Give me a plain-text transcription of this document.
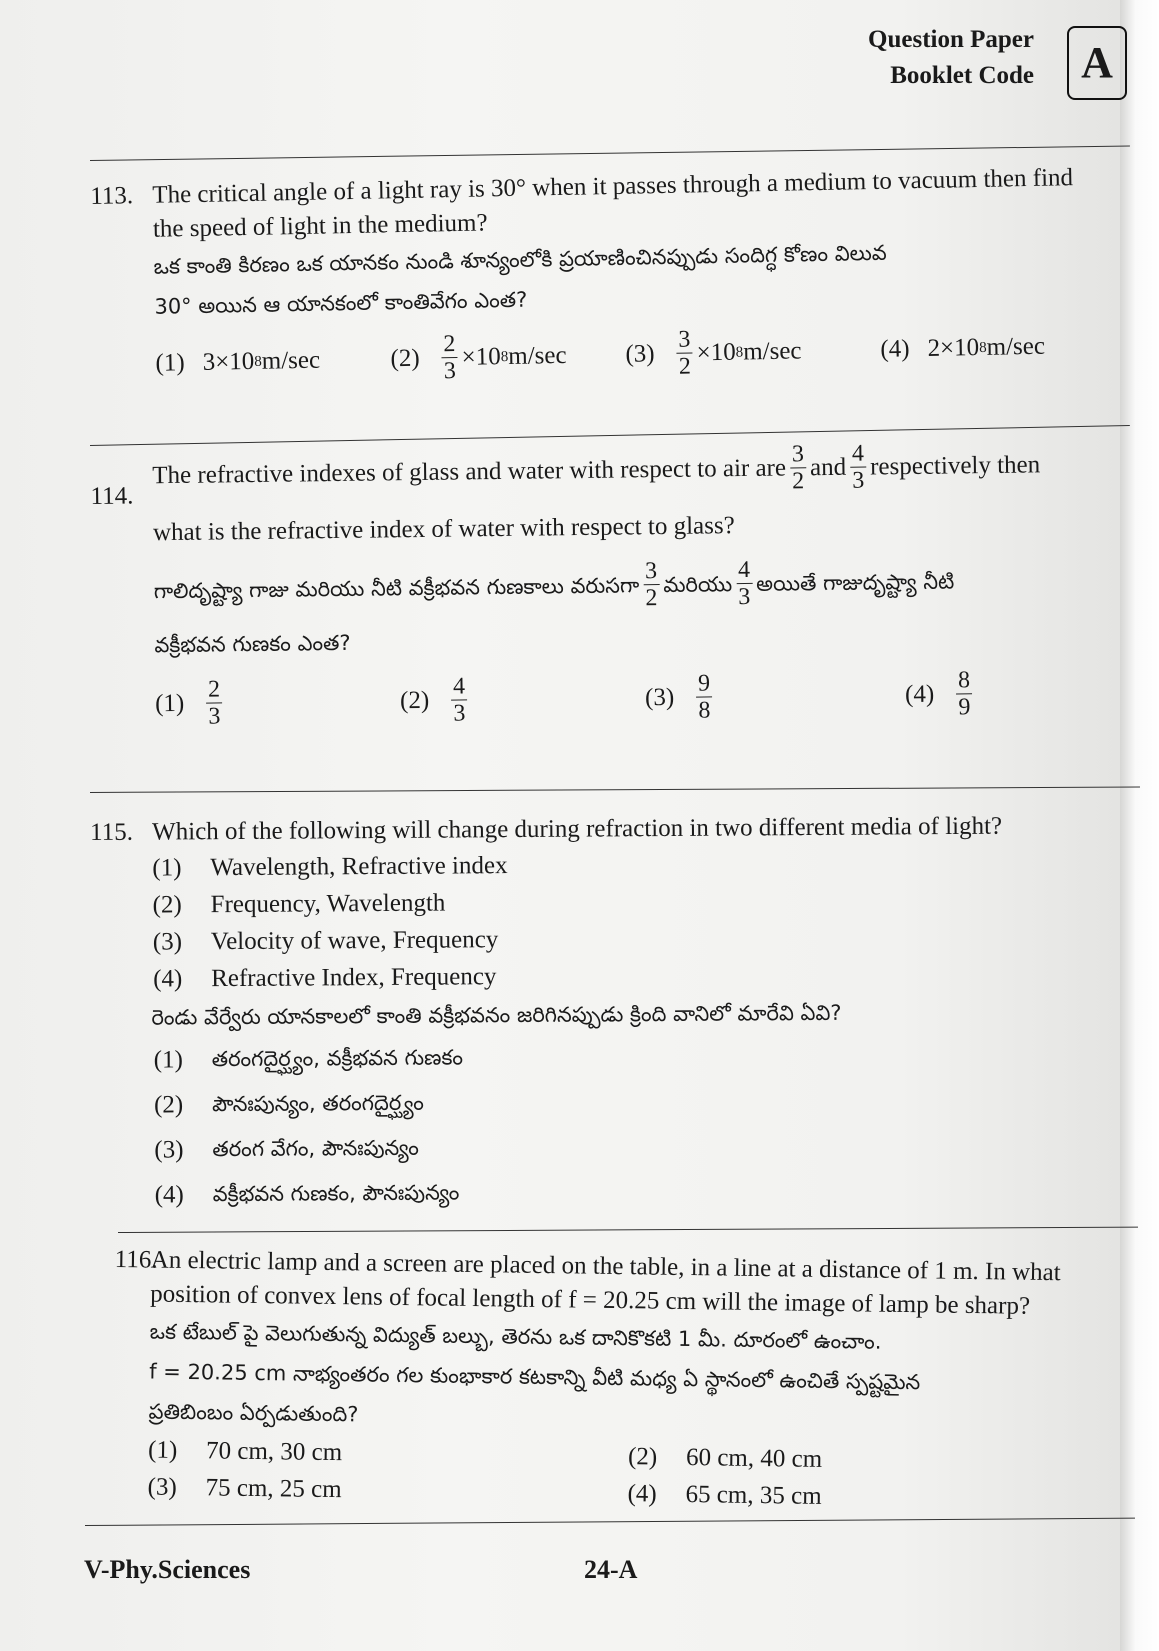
Question Paper
Booklet Code	A
113. The critical angle of a light ray is 30° when it passes through a medium to vacuum then find
the speed of light in the medium?
ఒక కాంతి కిరణం ఒక యానకం నుండి శూన్యంలోకి ప్రయాణించినప్పుడు సందిగ్ధ కోణం విలువ
30° అయిన ఆ యానకంలో కాంతివేగం ఎంత?
(1) 3×10 8 m/sec	$(2) \frac{2}{3} \times 10$ 8 m/sec $(3) \frac{3}{2} \times 10$ 8 m/sec	(4) 2×10 8 m/sec
114.
The refractive indexes of glass and water with respect to air are $\frac{3}{2}$ and $\frac{4}{3}$ respectively then
what is the refractive index of water with respect to glass?
గాలిదృష్ట్యా గాజు మరియు నీటి వక్రీభవన గుణకాలు వరుసగా $\frac{3}{2}$ మరియు $\frac{4}{3}$ అయితే గాజుదృష్ట్యా నీటి
వక్రీభవన గుణకం ఎంత?
$(1) \frac{2}{3}$	$(2) \frac{4}{3}$	$(3) \frac{9}{8}$	$(4) \frac{8}{9}$
115. Which of the following will change during refraction in two different media of light?
(1)	Wavelength, Refractive index
(2)	Frequency, Wavelength
(3)	Velocity of wave, Frequency
(4)	Refractive Index, Frequency
రెండు వేర్వేరు యానకాలలో కాంతి వక్రీభవనం జరిగినప్పుడు క్రింది వానిలో మారేవి ఏవి?
(1)	తరంగదైర్ఘ్యం, వక్రీభవన గుణకం
(2)	పౌనఃపున్యం, తరంగదైర్ఘ్యం
(3)	తరంగ వేగం, పౌనఃపున్యం
(4)	వక్రీభవన గుణకం, పౌనఃపున్యం
116.
An electric lamp and a screen are placed on the table, in a line at a distance of 1 m. In what
position of convex lens of focal length of f = 20.25 cm will the image of lamp be sharp?
ఒక టేబుల్ పై వెలుగుతున్న విద్యుత్ బల్బు, తెరను ఒక దానికొకటి 1 మీ. దూరంలో ఉంచాం.
f = 20.25 cm నాభ్యంతరం గల కుంభాకార కటకాన్ని వీటి మధ్య ఏ స్థానంలో ఉంచితే స్పష్టమైన
ప్రతిబింబం ఏర్పడుతుంది?
(1)	70 cm, 30 cm	(2)	60 cm, 40 cm
(3)	75 cm, 25 cm	(4)	65 cm, 35 cm
V-Phy.Sciences	24-A
